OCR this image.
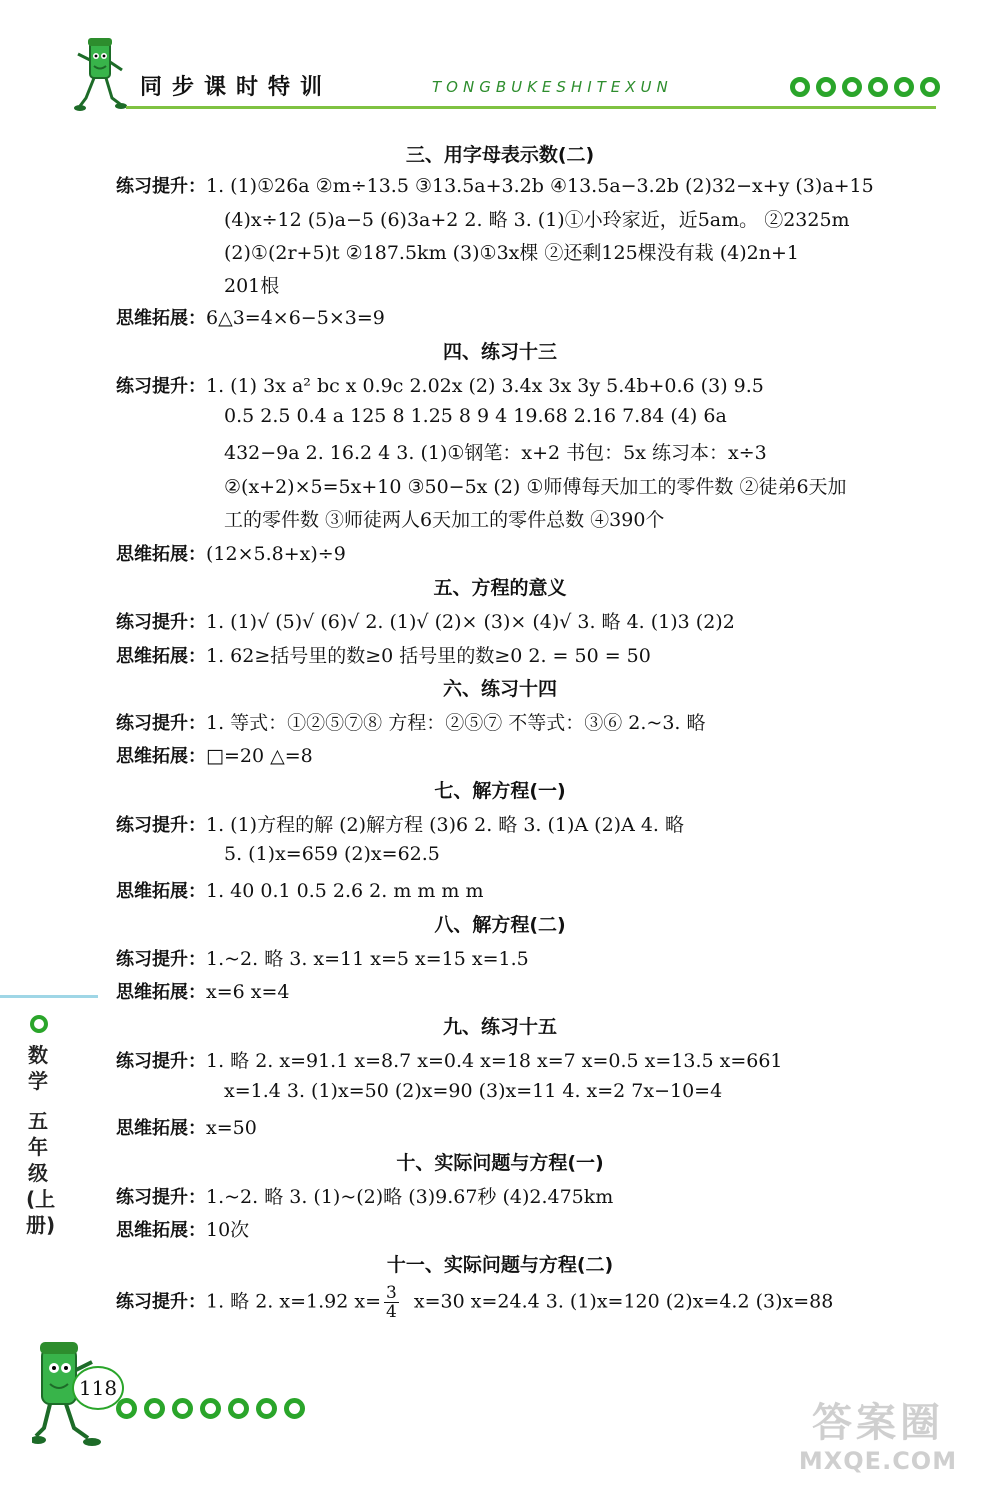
同步课时特训	TONGBUKESHITEXUN
数学
五年级(上册)
三、用字母表示数(二)
练习提升：1. (1)①26a ②m÷13.5 ③13.5a+3.2b ④13.5a−3.2b (2)32−x+y (3)a+15
(4)x÷12 (5)a−5 (6)3a+2 2. 略 3. (1)①小玲家近，近5am。 ②2325m
(2)①(2r+5)t ②187.5km (3)①3x棵 ②还剩125棵没有栽 (4)2n+1
201根
思维拓展：6△3=4×6−5×3=9
四、练习十三
练习提升：1. (1) 3x a² bc x 0.9c 2.02x (2) 3.4x 3x 3y 5.4b+0.6 (3) 9.5
0.5 2.5 0.4 a 125 8 1.25 8 9 4 19.68 2.16 7.84 (4) 6a
432−9a 2. 16.2 4 3. (1)①钢笔：x+2 书包：5x 练习本：x÷3
②(x+2)×5=5x+10 ③50−5x (2) ①师傅每天加工的零件数 ②徒弟6天加
工的零件数 ③师徒两人6天加工的零件总数 ④390个
思维拓展：(12×5.8+x)÷9
五、方程的意义
练习提升：1. (1)√ (5)√ (6)√ 2. (1)√ (2)× (3)× (4)√ 3. 略 4. (1)3 (2)2
思维拓展：1. 62≥括号里的数≥0 括号里的数≥0 2. = 50 = 50
六、练习十四
练习提升：1. 等式：①②⑤⑦⑧ 方程：②⑤⑦ 不等式：③⑥ 2.~3. 略
思维拓展：□=20 △=8
七、解方程(一)
练习提升：1. (1)方程的解 (2)解方程 (3)6 2. 略 3. (1)A (2)A 4. 略
5. (1)x=659 (2)x=62.5
思维拓展：1. 40 0.1 0.5 2.6 2. m m m m
八、解方程(二)
练习提升：1.~2. 略 3. x=11 x=5 x=15 x=1.5
思维拓展：x=6 x=4
九、练习十五
练习提升：1. 略 2. x=91.1 x=8.7 x=0.4 x=18 x=7 x=0.5 x=13.5 x=661
x=1.4 3. (1)x=50 (2)x=90 (3)x=11 4. x=2 7x−10=4
思维拓展：x=50
十、实际问题与方程(一)
练习提升：1.~2. 略 3. (1)~(2)略 (3)9.67秒 (4)2.475km
思维拓展：10次
十一、实际问题与方程(二)
练习提升：1. 略 2. x=1.92 $x= \frac{3}{4} x=30$ x=24.4 3. (1)x=120 (2)x=4.2 (3)x=88
118
答案圈
MXQE.COM
